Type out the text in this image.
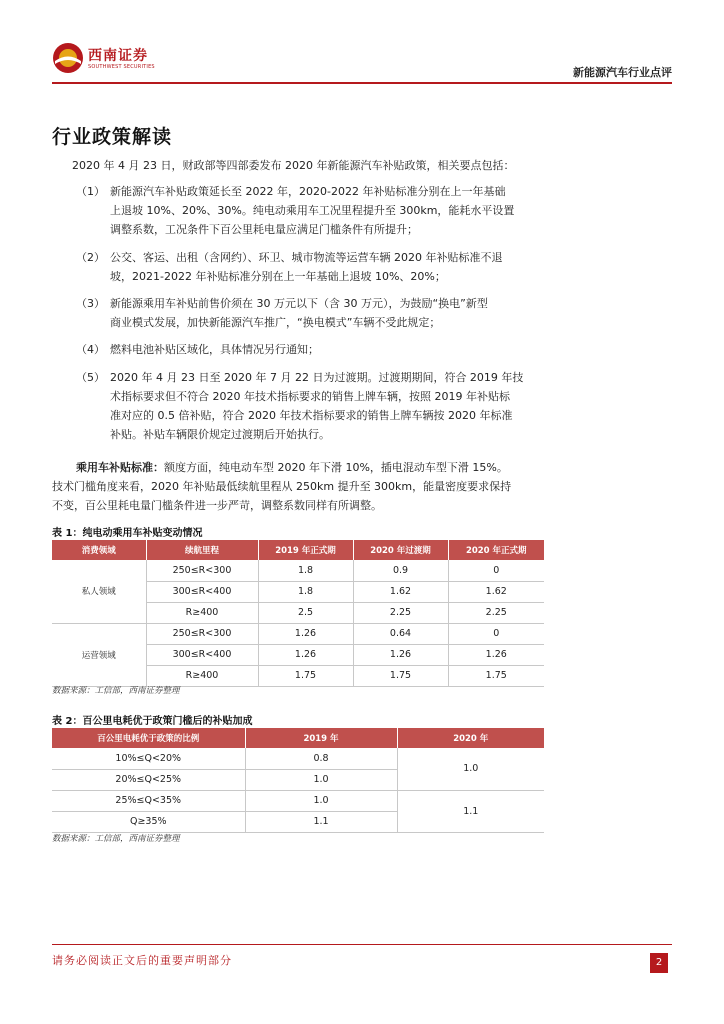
西南证券
SOUTHWEST SECURITIES	新能源汽车行业点评
行业政策解读
2020 年 4 月 23 日，财政部等四部委发布 2020 年新能源汽车补贴政策，相关要点包括：
（1） 新能源汽车补贴政策延长至 2022 年，2020-2022 年补贴标准分别在上一年基础
上退坡 10%、20%、30%。纯电动乘用车工况里程提升至 300km，能耗水平设置
调整系数，工况条件下百公里耗电量应满足门槛条件有所提升；
（2） 公交、客运、出租（含网约）、环卫、城市物流等运营车辆 2020 年补贴标准不退
坡，2021-2022 年补贴标准分别在上一年基础上退坡 10%、20%；
（3） 新能源乘用车补贴前售价须在 30 万元以下（含 30 万元），为鼓励“换电”新型
商业模式发展，加快新能源汽车推广，“换电模式”车辆不受此规定；
（4） 燃料电池补贴区域化，具体情况另行通知；
（5） 2020 年 4 月 23 日至 2020 年 7 月 22 日为过渡期。过渡期期间，符合 2019 年技
术指标要求但不符合 2020 年技术指标要求的销售上牌车辆，按照 2019 年补贴标
准对应的 0.5 倍补贴，符合 2020 年技术指标要求的销售上牌车辆按 2020 年标准
补贴。补贴车辆限价规定过渡期后开始执行。
乘用车补贴标准：额度方面，纯电动车型 2020 年下滑 10%，插电混动车型下滑 15%。
技术门槛角度来看，2020 年补贴最低续航里程从 250km 提升至 300km，能量密度要求保持
不变，百公里耗电量门槛条件进一步严苛，调整系数同样有所调整。
表 1：纯电动乘用车补贴变动情况
消费领域	续航里程	2019 年正式期	2020 年过渡期	2020 年正式期
私人领域	250≤R<300	1.8	0.9	0
	300≤R<400	1.8	1.62	1.62
	R≥400	2.5	2.25	2.25
运营领域	250≤R<300	1.26	0.64	0
	300≤R<400	1.26	1.26	1.26
	R≥400	1.75	1.75	1.75
数据来源：工信部，西南证券整理
表 2：百公里电耗优于政策门槛后的补贴加成
百公里电耗优于政策的比例	2019 年	2020 年
10%≤Q<20%	0.8	1.0
20%≤Q<25%	1.0	
25%≤Q<35%	1.0	1.1
Q≥35%	1.1	
数据来源：工信部，西南证券整理
请务必阅读正文后的重要声明部分	2
